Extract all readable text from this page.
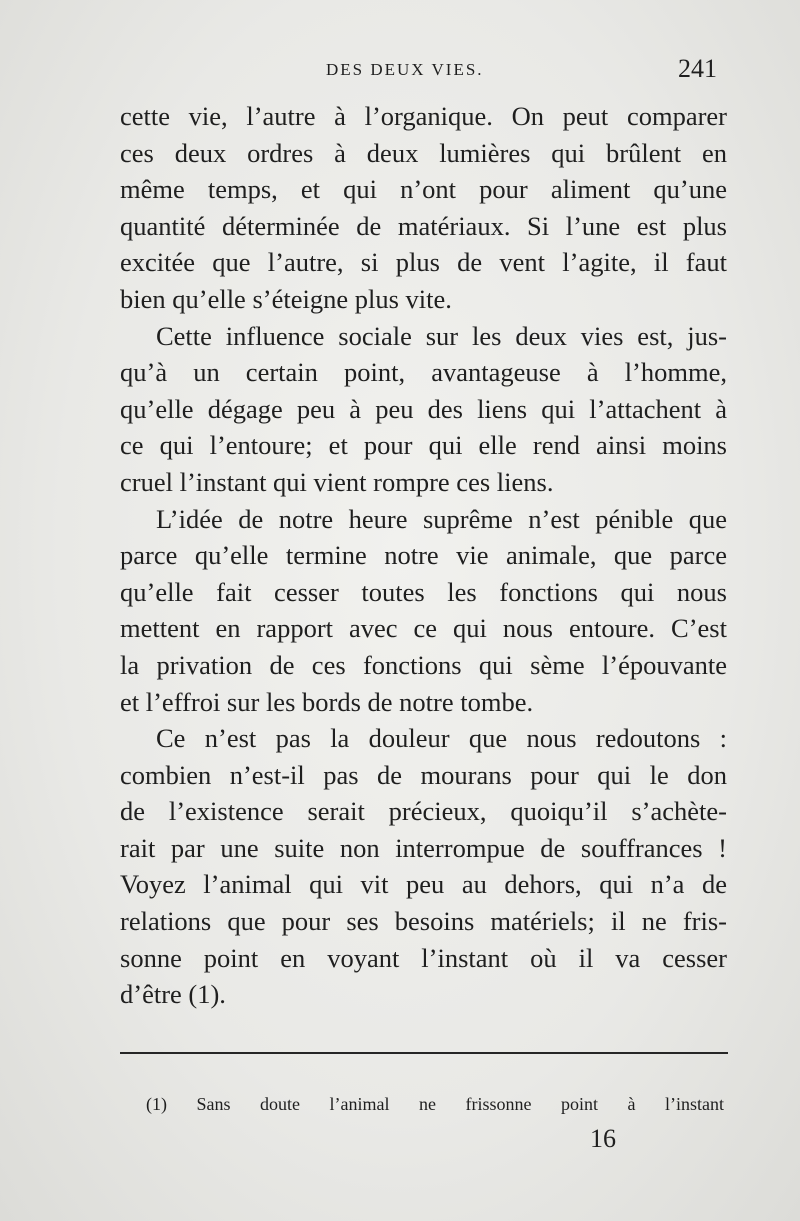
DES DEUX VIES.	241
cette vie, l’autre à l’organique. On peut comparer
ces deux ordres à deux lumières qui brûlent en
même temps, et qui n’ont pour aliment qu’une
quantité déterminée de matériaux. Si l’une est plus
excitée que l’autre, si plus de vent l’agite, il faut
bien qu’elle s’éteigne plus vite.
Cette influence sociale sur les deux vies est, jus-
qu’à un certain point, avantageuse à l’homme,
qu’elle dégage peu à peu des liens qui l’attachent à
ce qui l’entoure; et pour qui elle rend ainsi moins
cruel l’instant qui vient rompre ces liens.
L’idée de notre heure suprême n’est pénible que
parce qu’elle termine notre vie animale, que parce
qu’elle fait cesser toutes les fonctions qui nous
mettent en rapport avec ce qui nous entoure. C’est
la privation de ces fonctions qui sème l’épouvante
et l’effroi sur les bords de notre tombe.
Ce n’est pas la douleur que nous redoutons :
combien n’est-il pas de mourans pour qui le don
de l’existence serait précieux, quoiqu’il s’achète-
rait par une suite non interrompue de souffrances !
Voyez l’animal qui vit peu au dehors, qui n’a de
relations que pour ses besoins matériels; il ne fris-
sonne point en voyant l’instant où il va cesser
d’être (1).
(1) Sans doute l’animal ne frissonne point à l’instant
16
